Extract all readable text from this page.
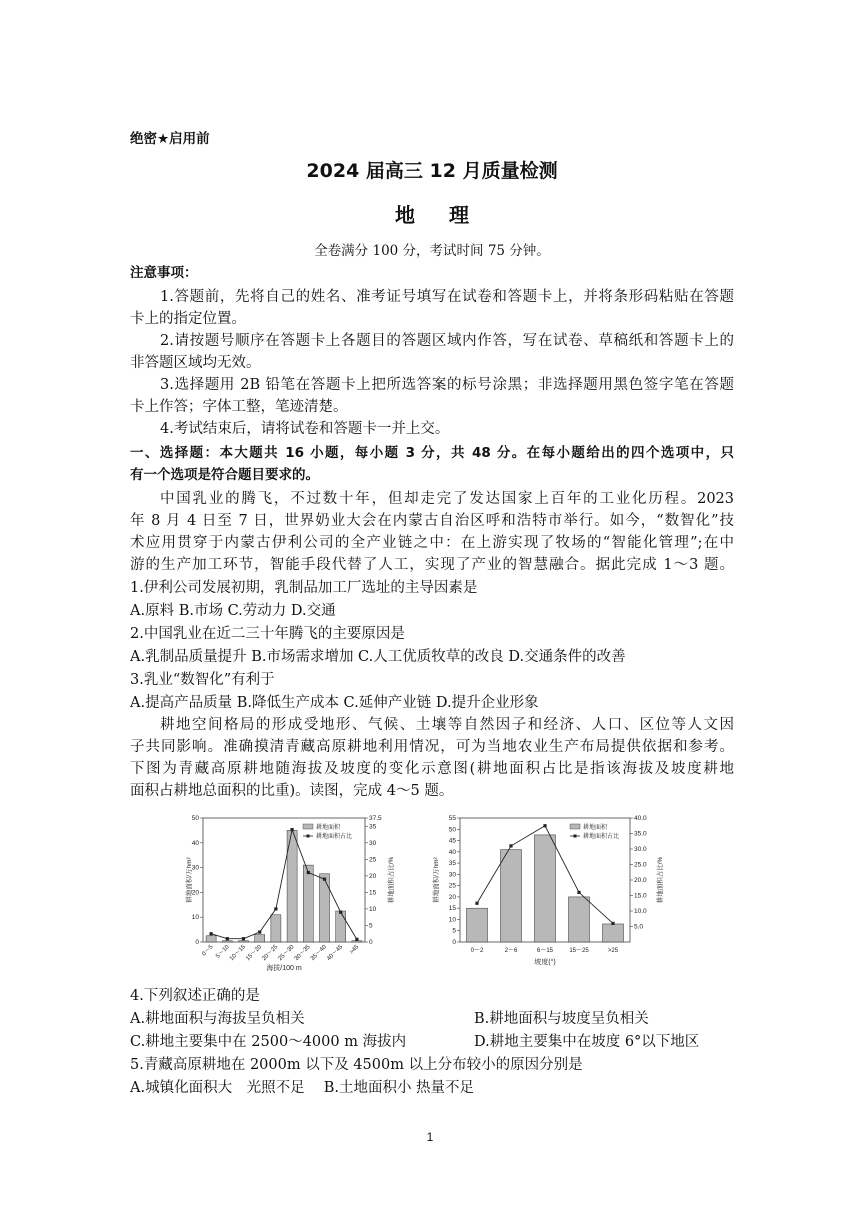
绝密★启用前
2024 届高三 12 月质量检测
地理
全卷满分 100 分，考试时间 75 分钟。
注意事项：
1.答题前，先将自己的姓名、准考证号填写在试卷和答题卡上，并将条形码粘贴在答题
卡上的指定位置。
2.请按题号顺序在答题卡上各题目的答题区域内作答，写在试卷、草稿纸和答题卡上的
非答题区域均无效。
3.选择题用 2B 铅笔在答题卡上把所选答案的标号涂黑；非选择题用黑色签字笔在答题
卡上作答；字体工整，笔迹清楚。
4.考试结束后，请将试卷和答题卡一并上交。
一、选择题：本大题共 16 小题，每小题 3 分，共 48 分。在每小题给出的四个选项中，只
有一个选项是符合题目要求的。
中国乳业的腾飞，不过数十年，但却走完了发达国家上百年的工业化历程。2023
年 8 月 4 日至 7 日，世界奶业大会在内蒙古自治区呼和浩特市举行。如今，“数智化”技
术应用贯穿于内蒙古伊利公司的全产业链之中：在上游实现了牧场的“智能化管理”;在中
游的生产加工环节，智能手段代替了人工，实现了产业的智慧融合。据此完成 1～3 题。
1.伊利公司发展初期，乳制品加工厂选址的主导因素是
A.原料 B.市场 C.劳动力 D.交通
2.中国乳业在近二三十年腾飞的主要原因是
A.乳制品质量提升 B.市场需求增加 C.人工优质牧草的改良 D.交通条件的改善
3.乳业“数智化”有利于
A.提高产品质量 B.降低生产成本 C.延伸产业链 D.提升企业形象
耕地空间格局的形成受地形、气候、土壤等自然因子和经济、人口、区位等人文因
子共同影响。准确摸清青藏高原耕地利用情况，可为当地农业生产布局提供依据和参考。
下图为青藏高原耕地随海拔及坡度的变化示意图(耕地面积占比是指该海拔及坡度耕地
面积占耕地总面积的比重)。读图，完成 4～5 题。
0
10
20
30
40
50
0
5
10
15
20
25
30
35
37.5
0～5 5～10
10～15
15～20
20～25
25～30
30～35
35～40
40～45 >45
海拔/100 m
耕地面积/万hm²	耕地面积占比/%
耕地面积
耕地面积占比
0
5
10
15
20
25
30
35
40
45
50
55
5.0
10.0
15.0
20.0
25.0
30.0
35.0
40.0
0～2	2～6	6～15	15～25	>25
坡度(°)
耕地面积/万hm²	耕地面积占比/%
耕地面积
耕地面积占比
4.下列叙述正确的是
A.耕地面积与海拔呈负相关	B.耕地面积与坡度呈负相关
C.耕地主要集中在 2500～4000 m 海拔内	D.耕地主要集中在坡度 6°以下地区
5.青藏高原耕地在 2000m 以下及 4500m 以上分布较小的原因分别是
A.城镇化面积大　光照不足　 B.土地面积小 热量不足
1
